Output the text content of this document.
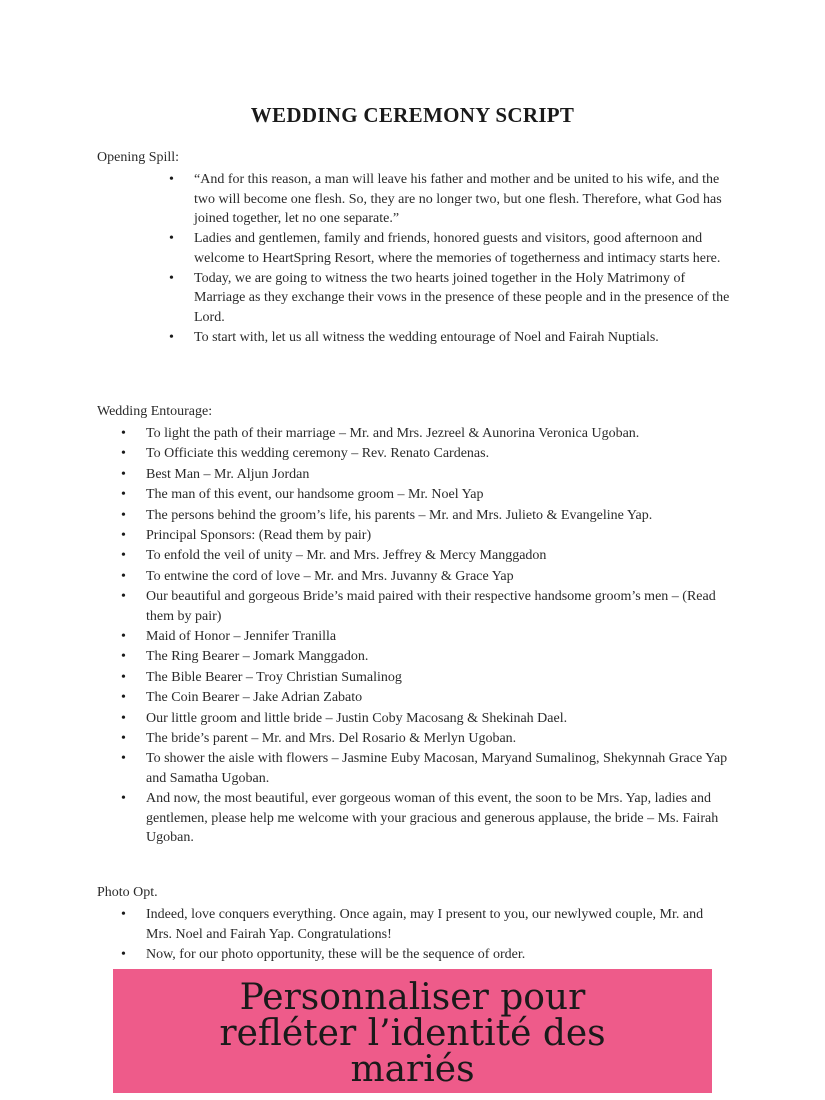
WEDDING CEREMONY SCRIPT
Opening Spill:
• “And for this reason, a man will leave his father and mother and be united to his wife, and the two will become one flesh. So, they are no longer two, but one flesh. Therefore, what God has joined together, let no one separate.”
• Ladies and gentlemen, family and friends, honored guests and visitors, good afternoon and welcome to HeartSpring Resort, where the memories of togetherness and intimacy starts here.
• Today, we are going to witness the two hearts joined together in the Holy Matrimony of Marriage as they exchange their vows in the presence of these people and in the presence of the Lord.
• To start with, let us all witness the wedding entourage of Noel and Fairah Nuptials.
Wedding Entourage:
• To light the path of their marriage – Mr. and Mrs. Jezreel & Aunorina Veronica Ugoban.
• To Officiate this wedding ceremony – Rev. Renato Cardenas.
• Best Man – Mr. Aljun Jordan
• The man of this event, our handsome groom – Mr. Noel Yap
• The persons behind the groom’s life, his parents – Mr. and Mrs. Julieto & Evangeline Yap.
• Principal Sponsors: (Read them by pair)
• To enfold the veil of unity – Mr. and Mrs. Jeffrey & Mercy Manggadon
• To entwine the cord of love – Mr. and Mrs. Juvanny & Grace Yap
• Our beautiful and gorgeous Bride’s maid paired with their respective handsome groom’s men – (Read them by pair)
• Maid of Honor – Jennifer Tranilla
• The Ring Bearer – Jomark Manggadon.
• The Bible Bearer – Troy Christian Sumalinog
• The Coin Bearer – Jake Adrian Zabato
• Our little groom and little bride – Justin Coby Macosang & Shekinah Dael.
• The bride’s parent – Mr. and Mrs. Del Rosario & Merlyn Ugoban.
• To shower the aisle with flowers – Jasmine Euby Macosan, Maryand Sumalinog, Shekynnah Grace Yap and Samatha Ugoban.
• And now, the most beautiful, ever gorgeous woman of this event, the soon to be Mrs. Yap, ladies and gentlemen, please help me welcome with your gracious and generous applause, the bride – Ms. Fairah Ugoban.
Photo Opt.
• Indeed, love conquers everything. Once again, may I present to you, our newlywed couple, Mr. and Mrs. Noel and Fairah Yap. Congratulations!
• Now, for our photo opportunity, these will be the sequence of order.
Personnaliser pour refléter l’identité des mariés
